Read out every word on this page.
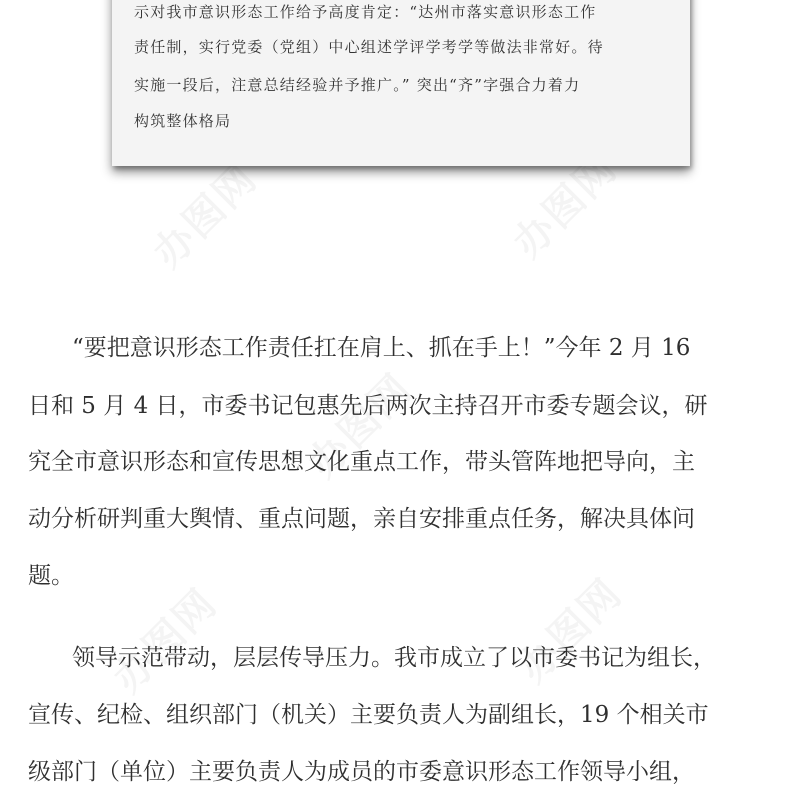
示对我市意识形态工作给予高度肯定：“达州市落实意识形态工作
责任制，实行党委（党组）中心组述学评学考学等做法非常好。待
实施一段后，注意总结经验并予推广。” 突出“齐”字强合力着力
构筑整体格局
“要把意识形态工作责任扛在肩上、抓在手上！”今年 2 月 16
日和 5 月 4 日，市委书记包惠先后两次主持召开市委专题会议，研
究全市意识形态和宣传思想文化重点工作，带头管阵地把导向，主
动分析研判重大舆情、重点问题，亲自安排重点任务，解决具体问
题。
领导示范带动，层层传导压力。我市成立了以市委书记为组长，
宣传、纪检、组织部门（机关）主要负责人为副组长，19 个相关市
级部门（单位）主要负责人为成员的市委意识形态工作领导小组，
